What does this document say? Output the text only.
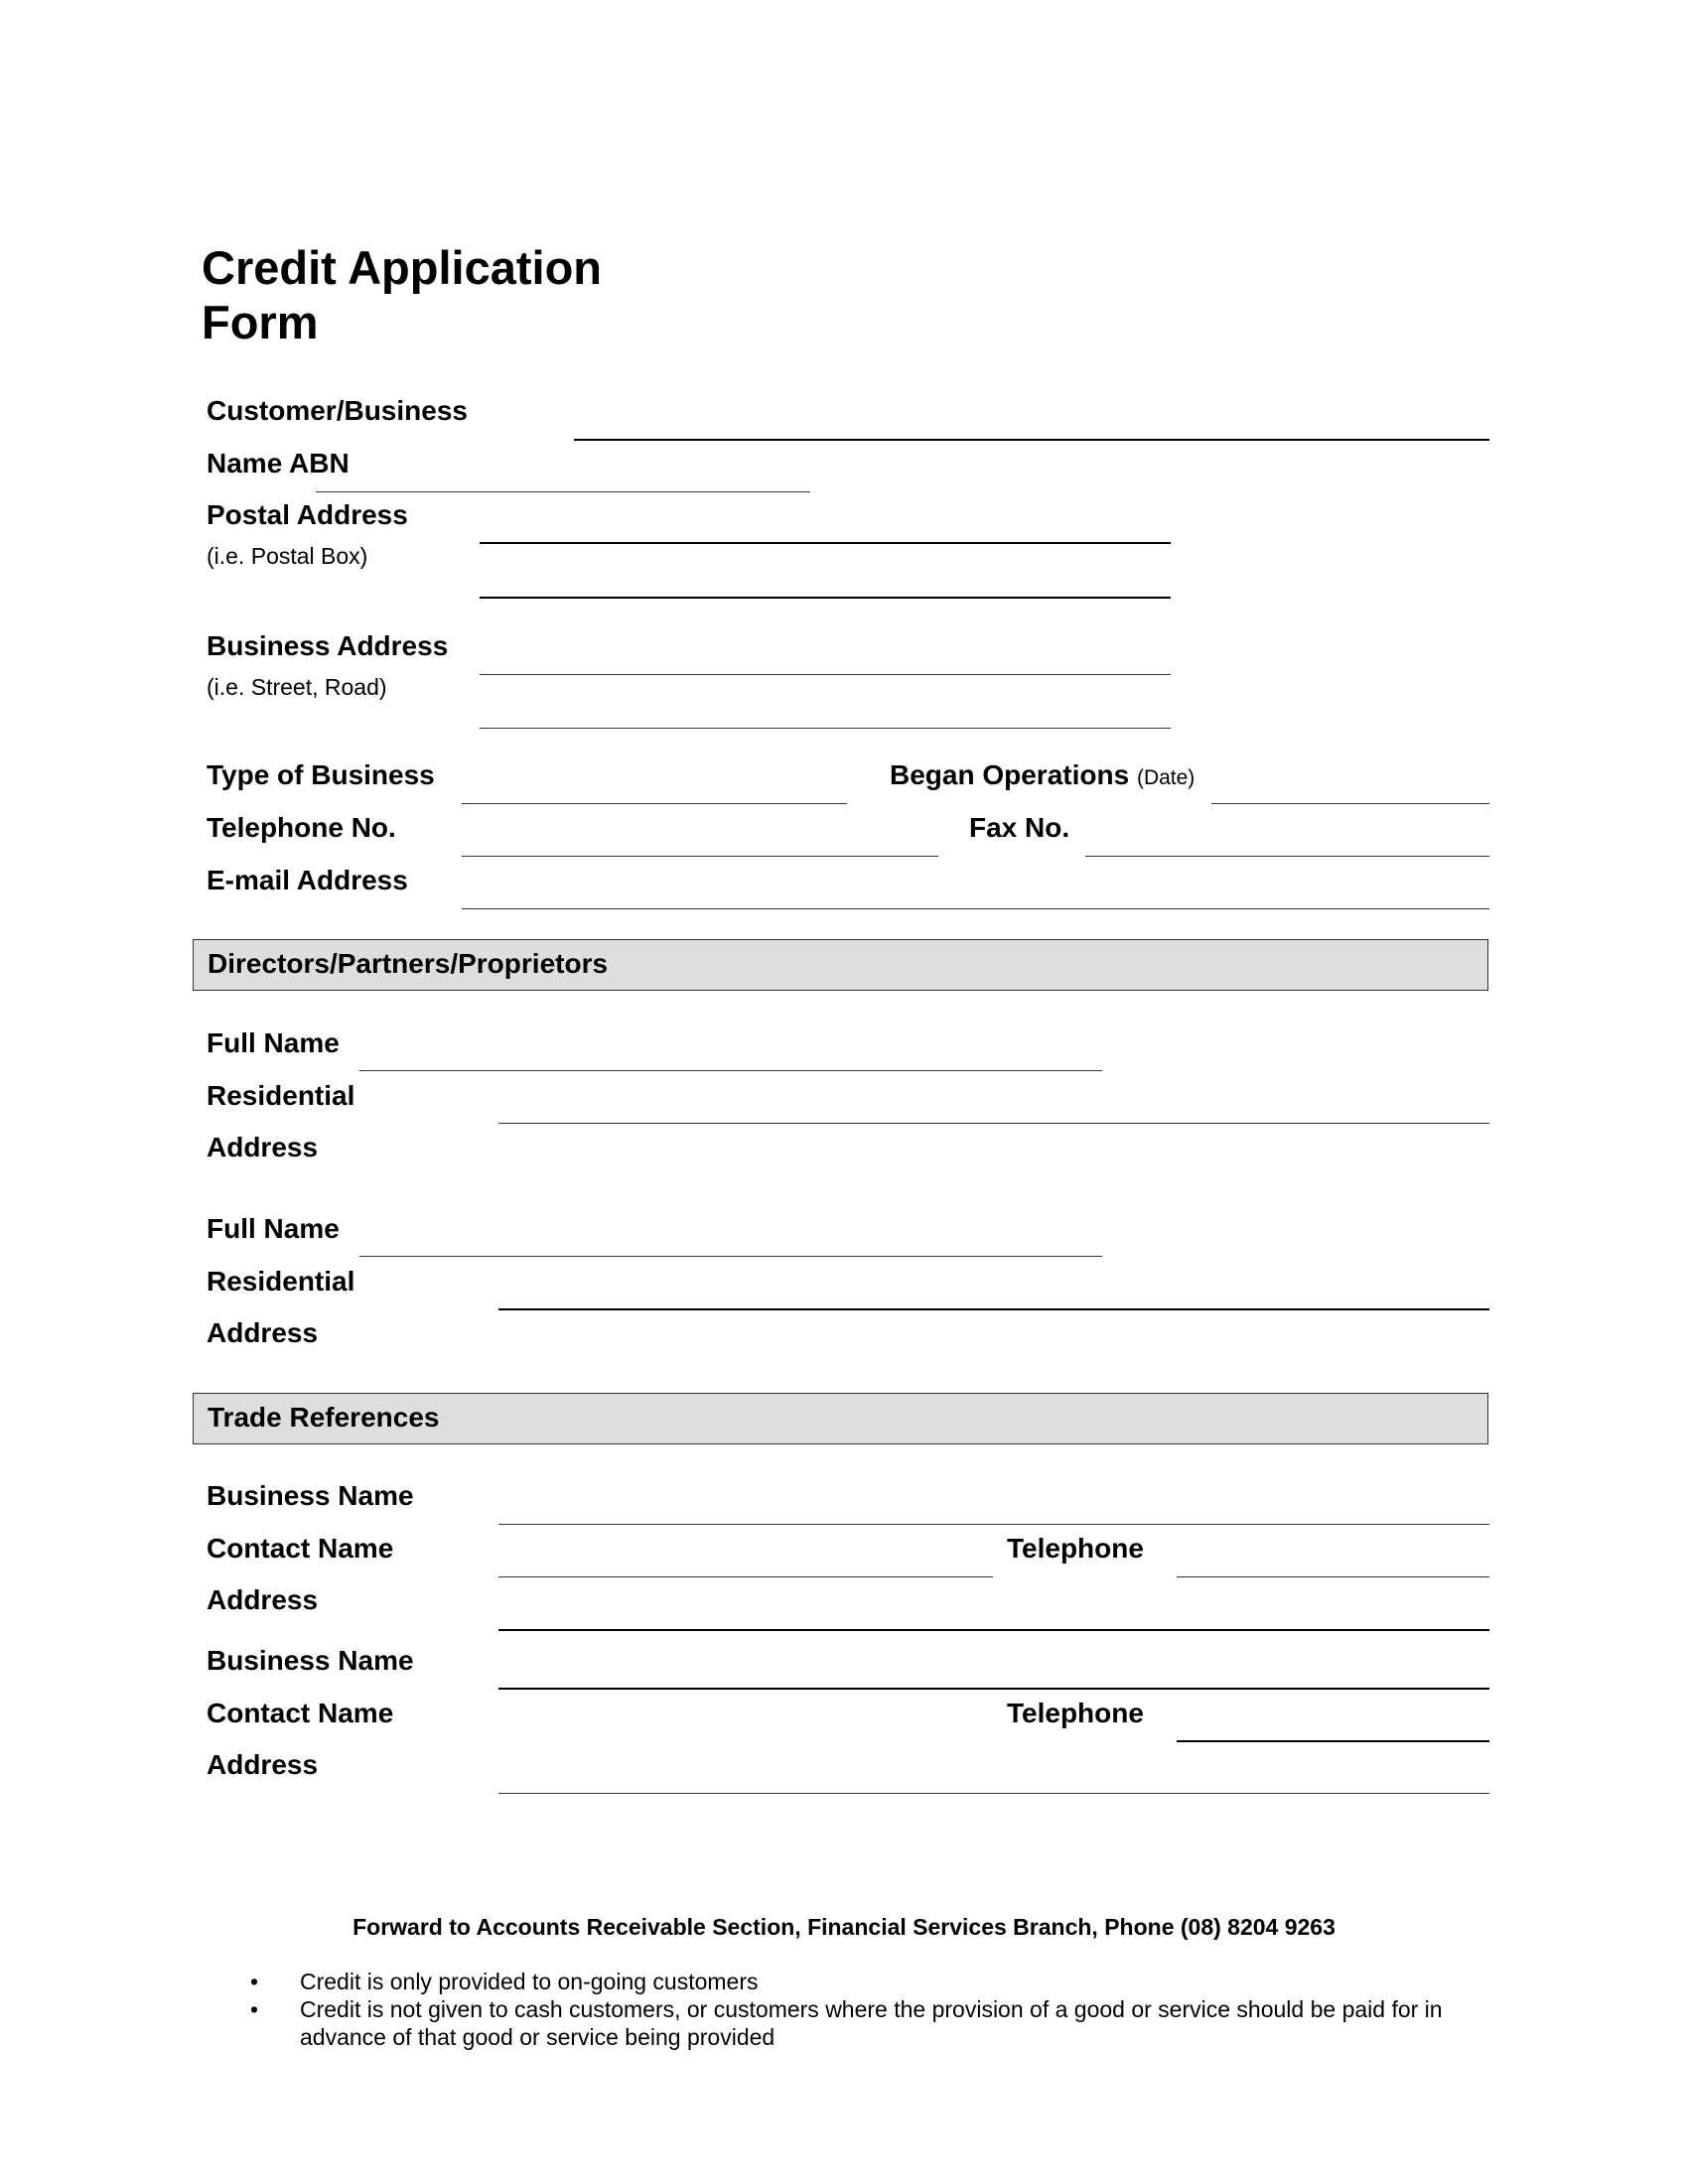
Credit Application
Form
Customer/Business
Name ABN
Postal Address
(i.e. Postal Box)
Business Address
(i.e. Street, Road)
Type of Business	Began Operations (Date)
Telephone No.	Fax No.
E-mail Address
Directors/Partners/Proprietors
Full Name
Residential
Address
Full Name
Residential
Address
Trade References
Business Name
Contact Name	Telephone
Address
Business Name
Contact Name	Telephone
Address
Forward to Accounts Receivable Section, Financial Services Branch, Phone (08) 8204 9263
• Credit is only provided to on-going customers
• Credit is not given to cash customers, or customers where the provision of a good or service should be paid for in advance of that good or service being provided
